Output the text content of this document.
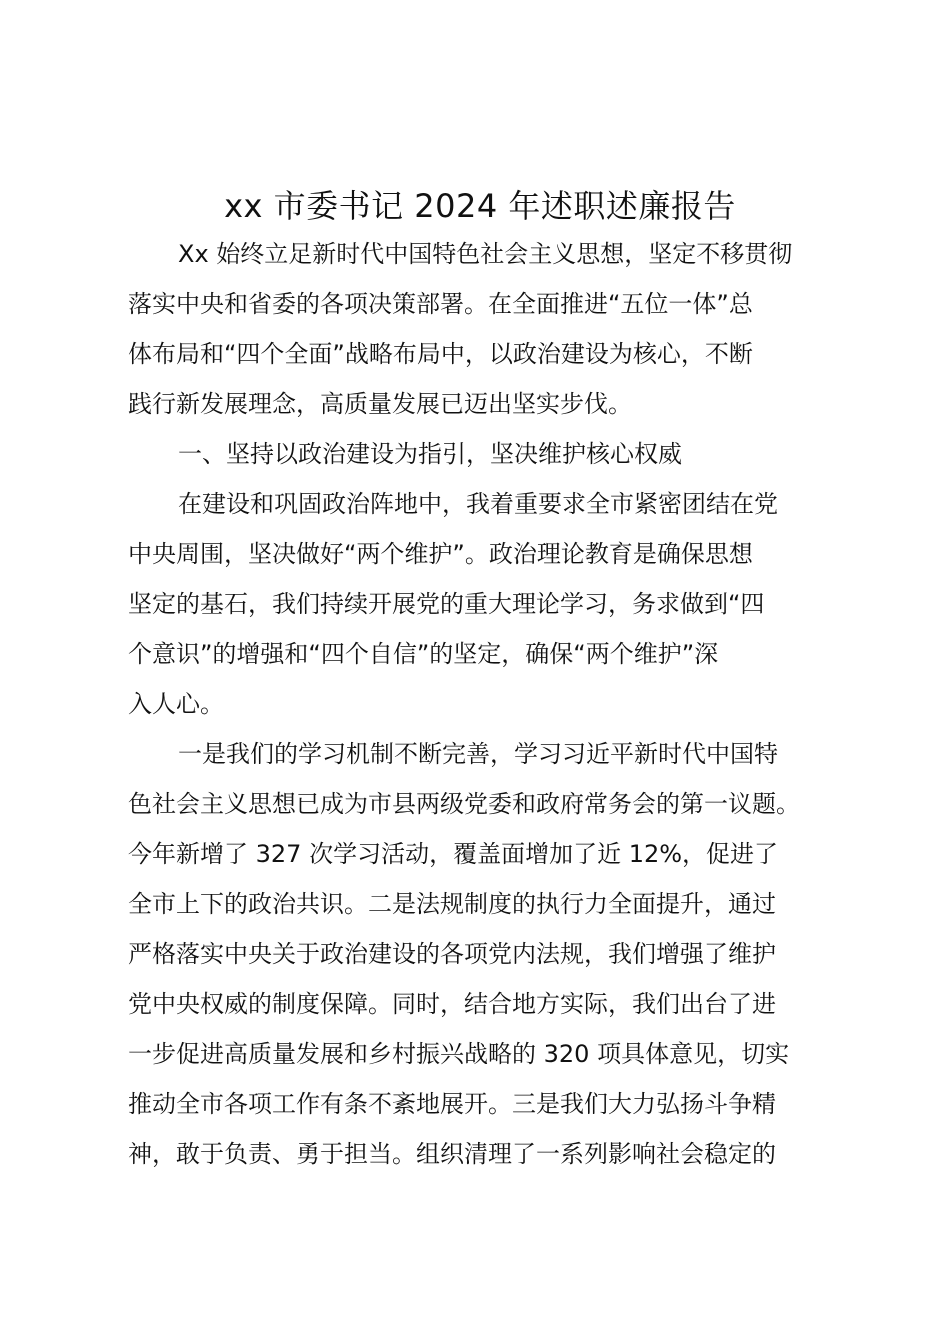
xx 市委书记 2024 年述职述廉报告
Xx 始终立足新时代中国特色社会主义思想，坚定不移贯彻
落实中央和省委的各项决策部署。在全面推进“五位一体”总
体布局和“四个全面”战略布局中，以政治建设为核心，不断
践行新发展理念，高质量发展已迈出坚实步伐。
一、坚持以政治建设为指引，坚决维护核心权威
在建设和巩固政治阵地中，我着重要求全市紧密团结在党
中央周围，坚决做好“两个维护”。政治理论教育是确保思想
坚定的基石，我们持续开展党的重大理论学习，务求做到“四
个意识”的增强和“四个自信”的坚定，确保“两个维护”深
入人心。
一是我们的学习机制不断完善，学习习近平新时代中国特
色社会主义思想已成为市县两级党委和政府常务会的第一议题。
今年新增了 327 次学习活动，覆盖面增加了近 12%，促进了
全市上下的政治共识。二是法规制度的执行力全面提升，通过
严格落实中央关于政治建设的各项党内法规，我们增强了维护
党中央权威的制度保障。同时，结合地方实际，我们出台了进
一步促进高质量发展和乡村振兴战略的 320 项具体意见，切实
推动全市各项工作有条不紊地展开。三是我们大力弘扬斗争精
神，敢于负责、勇于担当。组织清理了一系列影响社会稳定的
